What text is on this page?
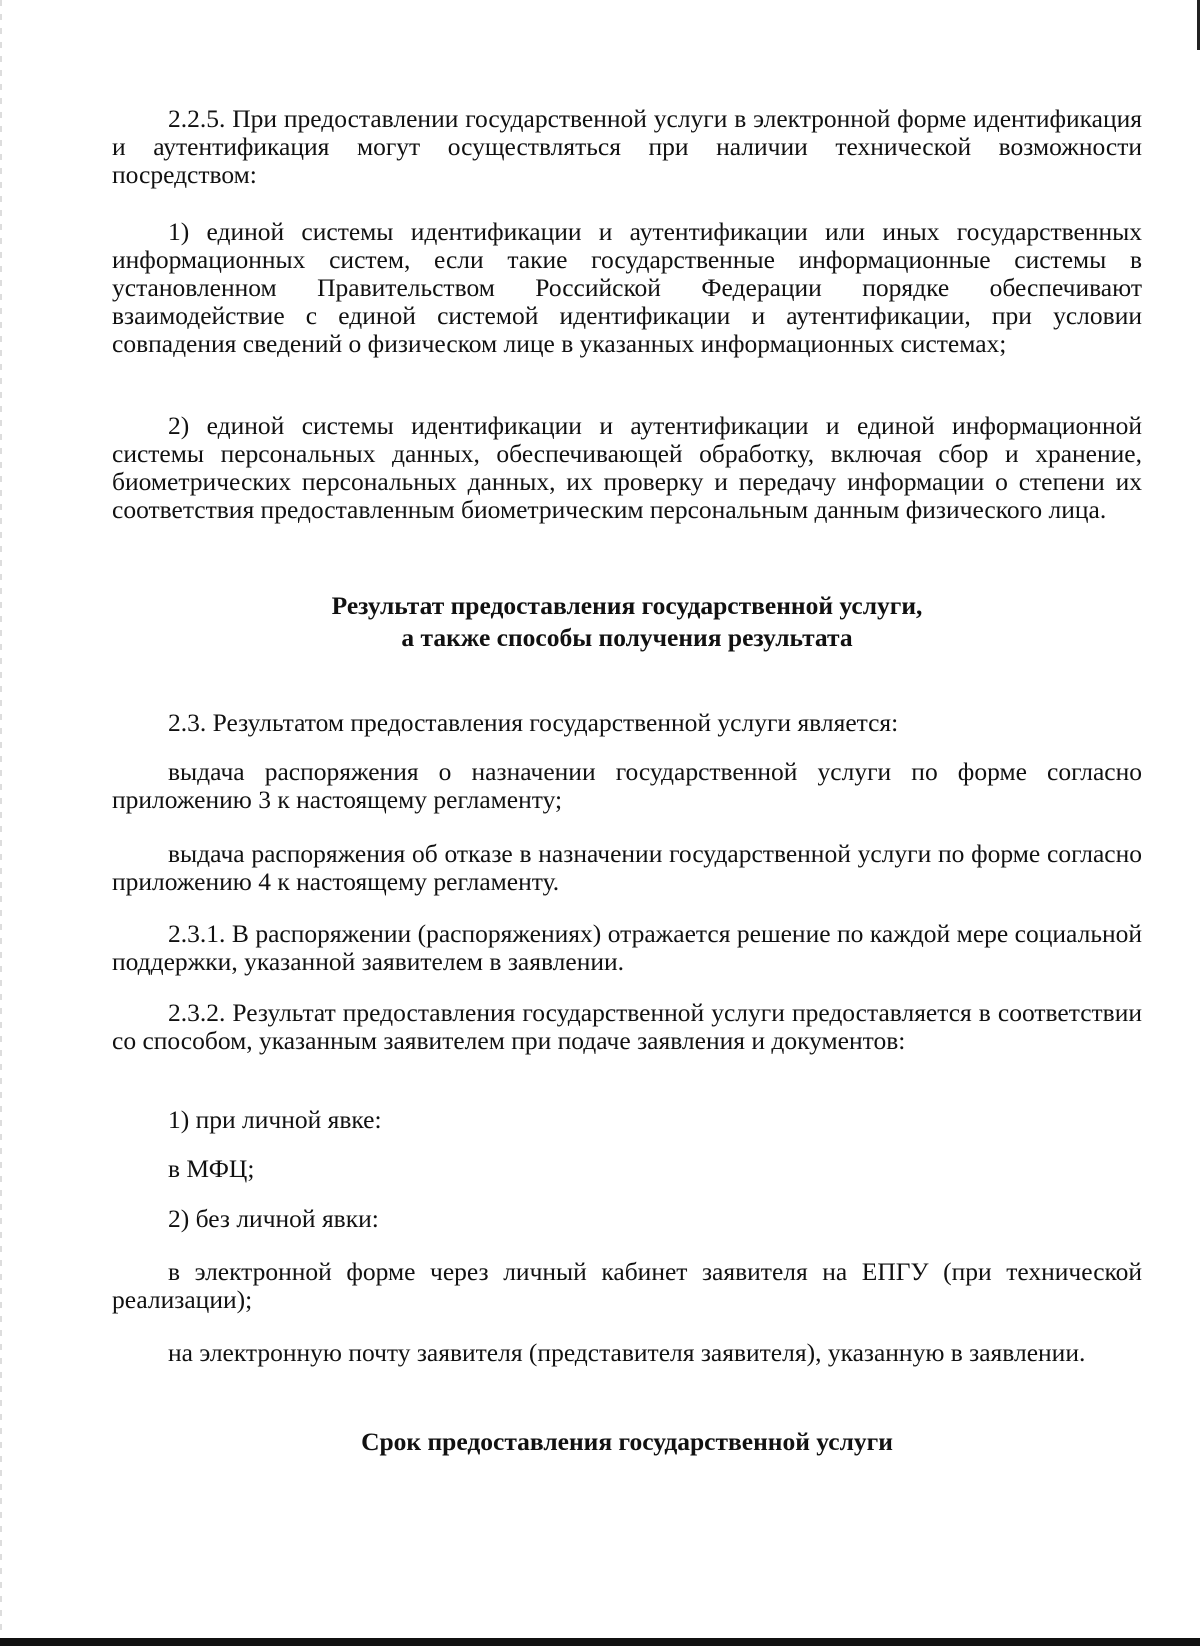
2.2.5. При предоставлении государственной услуги в электронной форме идентификация и аутентификация могут осуществляться при наличии технической возможности посредством:

1) единой системы идентификации и аутентификации или иных государственных информационных систем, если такие государственные информационные системы в установленном Правительством Российской Федерации порядке обеспечивают взаимодействие с единой системой идентификации и аутентификации, при условии совпадения сведений о физическом лице в указанных информационных системах;

2) единой системы идентификации и аутентификации и единой информационной системы персональных данных, обеспечивающей обработку, включая сбор и хранение, биометрических персональных данных, их проверку и передачу информации о степени их соответствия предоставленным биометрическим персональным данным физического лица.

Результат предоставления государственной услуги,
а также способы получения результата

2.3. Результатом предоставления государственной услуги является:

выдача распоряжения о назначении государственной услуги по форме согласно приложению 3 к настоящему регламенту;

выдача распоряжения об отказе в назначении государственной услуги по форме согласно приложению 4 к настоящему регламенту.

2.3.1. В распоряжении (распоряжениях) отражается решение по каждой мере социальной поддержки, указанной заявителем в заявлении.

2.3.2. Результат предоставления государственной услуги предоставляется в соответствии со способом, указанным заявителем при подаче заявления и документов:

1) при личной явке:

в МФЦ;

2) без личной явки:

в электронной форме через личный кабинет заявителя на ЕПГУ (при технической реализации);

на электронную почту заявителя (представителя заявителя), указанную в заявлении.

Срок предоставления государственной услуги
